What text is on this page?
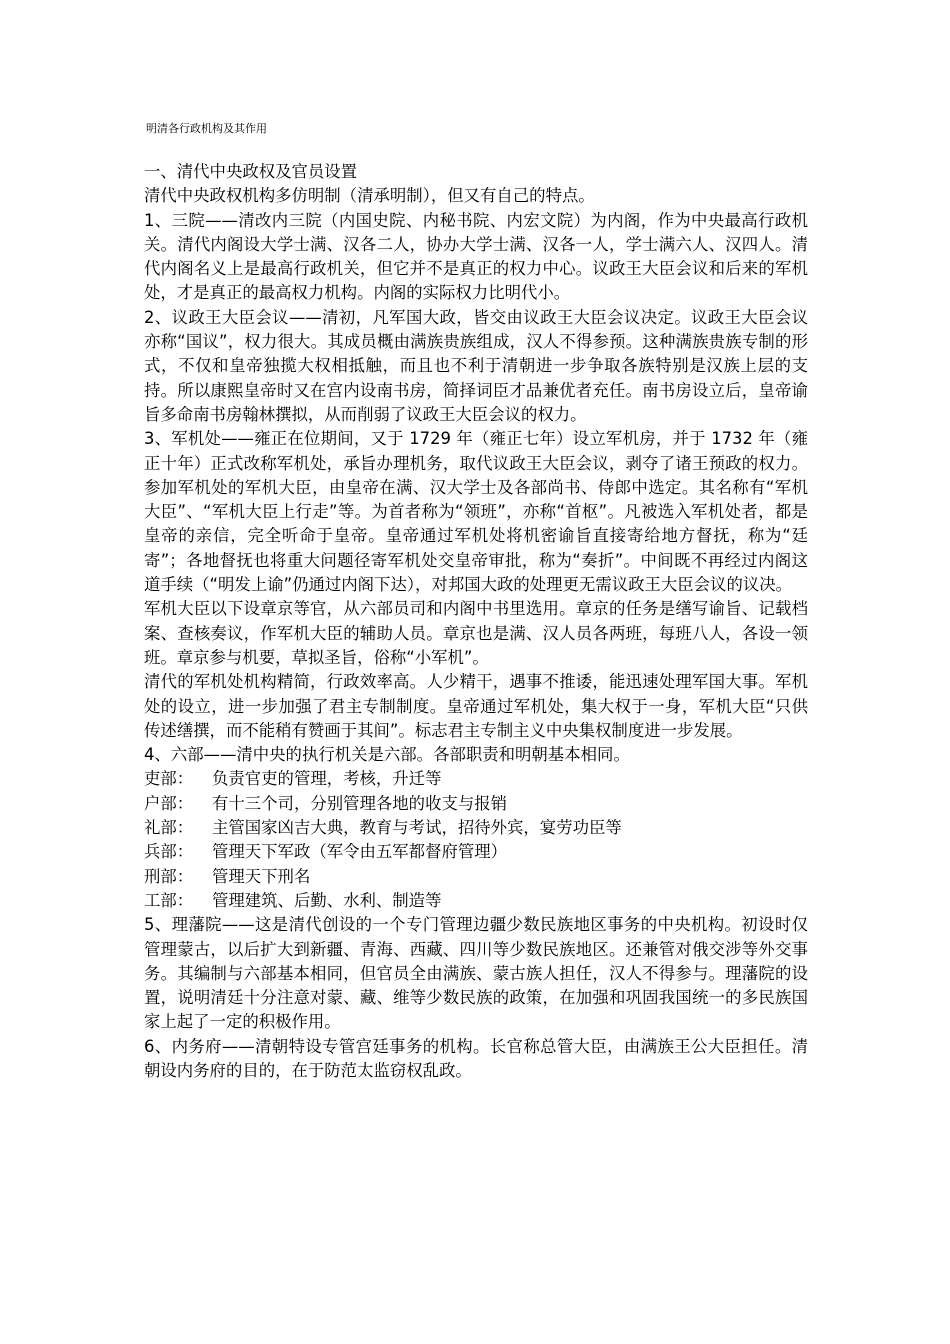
明清各行政机构及其作用

一、清代中央政权及官员设置

清代中央政权机构多仿明制（清承明制），但又有自己的特点。

1、三院——清改内三院（内国史院、内秘书院、内宏文院）为内阁，作为中央最高行政机关。清代内阁设大学士满、汉各二人，协办大学士满、汉各一人，学士满六人、汉四人。清代内阁名义上是最高行政机关，但它并不是真正的权力中心。议政王大臣会议和后来的军机处，才是真正的最高权力机构。内阁的实际权力比明代小。

2、议政王大臣会议——清初，凡军国大政，皆交由议政王大臣会议决定。议政王大臣会议亦称“国议”，权力很大。其成员概由满族贵族组成，汉人不得参预。这种满族贵族专制的形式，不仅和皇帝独揽大权相抵触，而且也不利于清朝进一步争取各族特别是汉族上层的支持。所以康熙皇帝时又在宫内设南书房，简择词臣才品兼优者充任。南书房设立后，皇帝谕旨多命南书房翰林撰拟，从而削弱了议政王大臣会议的权力。

3、军机处——雍正在位期间，又于 1729 年（雍正七年）设立军机房，并于 1732 年（雍正十年）正式改称军机处，承旨办理机务，取代议政王大臣会议，剥夺了诸王预政的权力。参加军机处的军机大臣，由皇帝在满、汉大学士及各部尚书、侍郎中选定。其名称有“军机大臣”、“军机大臣上行走”等。为首者称为“领班”，亦称“首枢”。凡被选入军机处者，都是皇帝的亲信，完全听命于皇帝。皇帝通过军机处将机密谕旨直接寄给地方督抚，称为“廷寄”；各地督抚也将重大问题径寄军机处交皇帝审批，称为“奏折”。中间既不再经过内阁这道手续（“明发上谕”仍通过内阁下达），对邦国大政的处理更无需议政王大臣会议的议决。

军机大臣以下设章京等官，从六部员司和内阁中书里选用。章京的任务是缮写谕旨、记载档案、查核奏议，作军机大臣的辅助人员。章京也是满、汉人员各两班，每班八人，各设一领班。章京参与机要，草拟圣旨，俗称“小军机”。

清代的军机处机构精简，行政效率高。人少精干，遇事不推诿，能迅速处理军国大事。军机处的设立，进一步加强了君主专制制度。皇帝通过军机处，集大权于一身，军机大臣“只供传述缮撰，而不能稍有赞画于其间”。标志君主专制主义中央集权制度进一步发展。

4、六部——清中央的执行机关是六部。各部职责和明朝基本相同。

吏部：	负责官吏的管理，考核，升迁等
户部：	有十三个司，分别管理各地的收支与报销
礼部：	主管国家凶吉大典，教育与考试，招待外宾，宴劳功臣等
兵部：	管理天下军政（军令由五军都督府管理）
刑部：	管理天下刑名
工部：	管理建筑、后勤、水利、制造等

5、理藩院——这是清代创设的一个专门管理边疆少数民族地区事务的中央机构。初设时仅管理蒙古，以后扩大到新疆、青海、西藏、四川等少数民族地区。还兼管对俄交涉等外交事务。其编制与六部基本相同，但官员全由满族、蒙古族人担任，汉人不得参与。理藩院的设置，说明清廷十分注意对蒙、藏、维等少数民族的政策，在加强和巩固我国统一的多民族国家上起了一定的积极作用。

6、内务府——清朝特设专管宫廷事务的机构。长官称总管大臣，由满族王公大臣担任。清朝设内务府的目的，在于防范太监窃权乱政。
